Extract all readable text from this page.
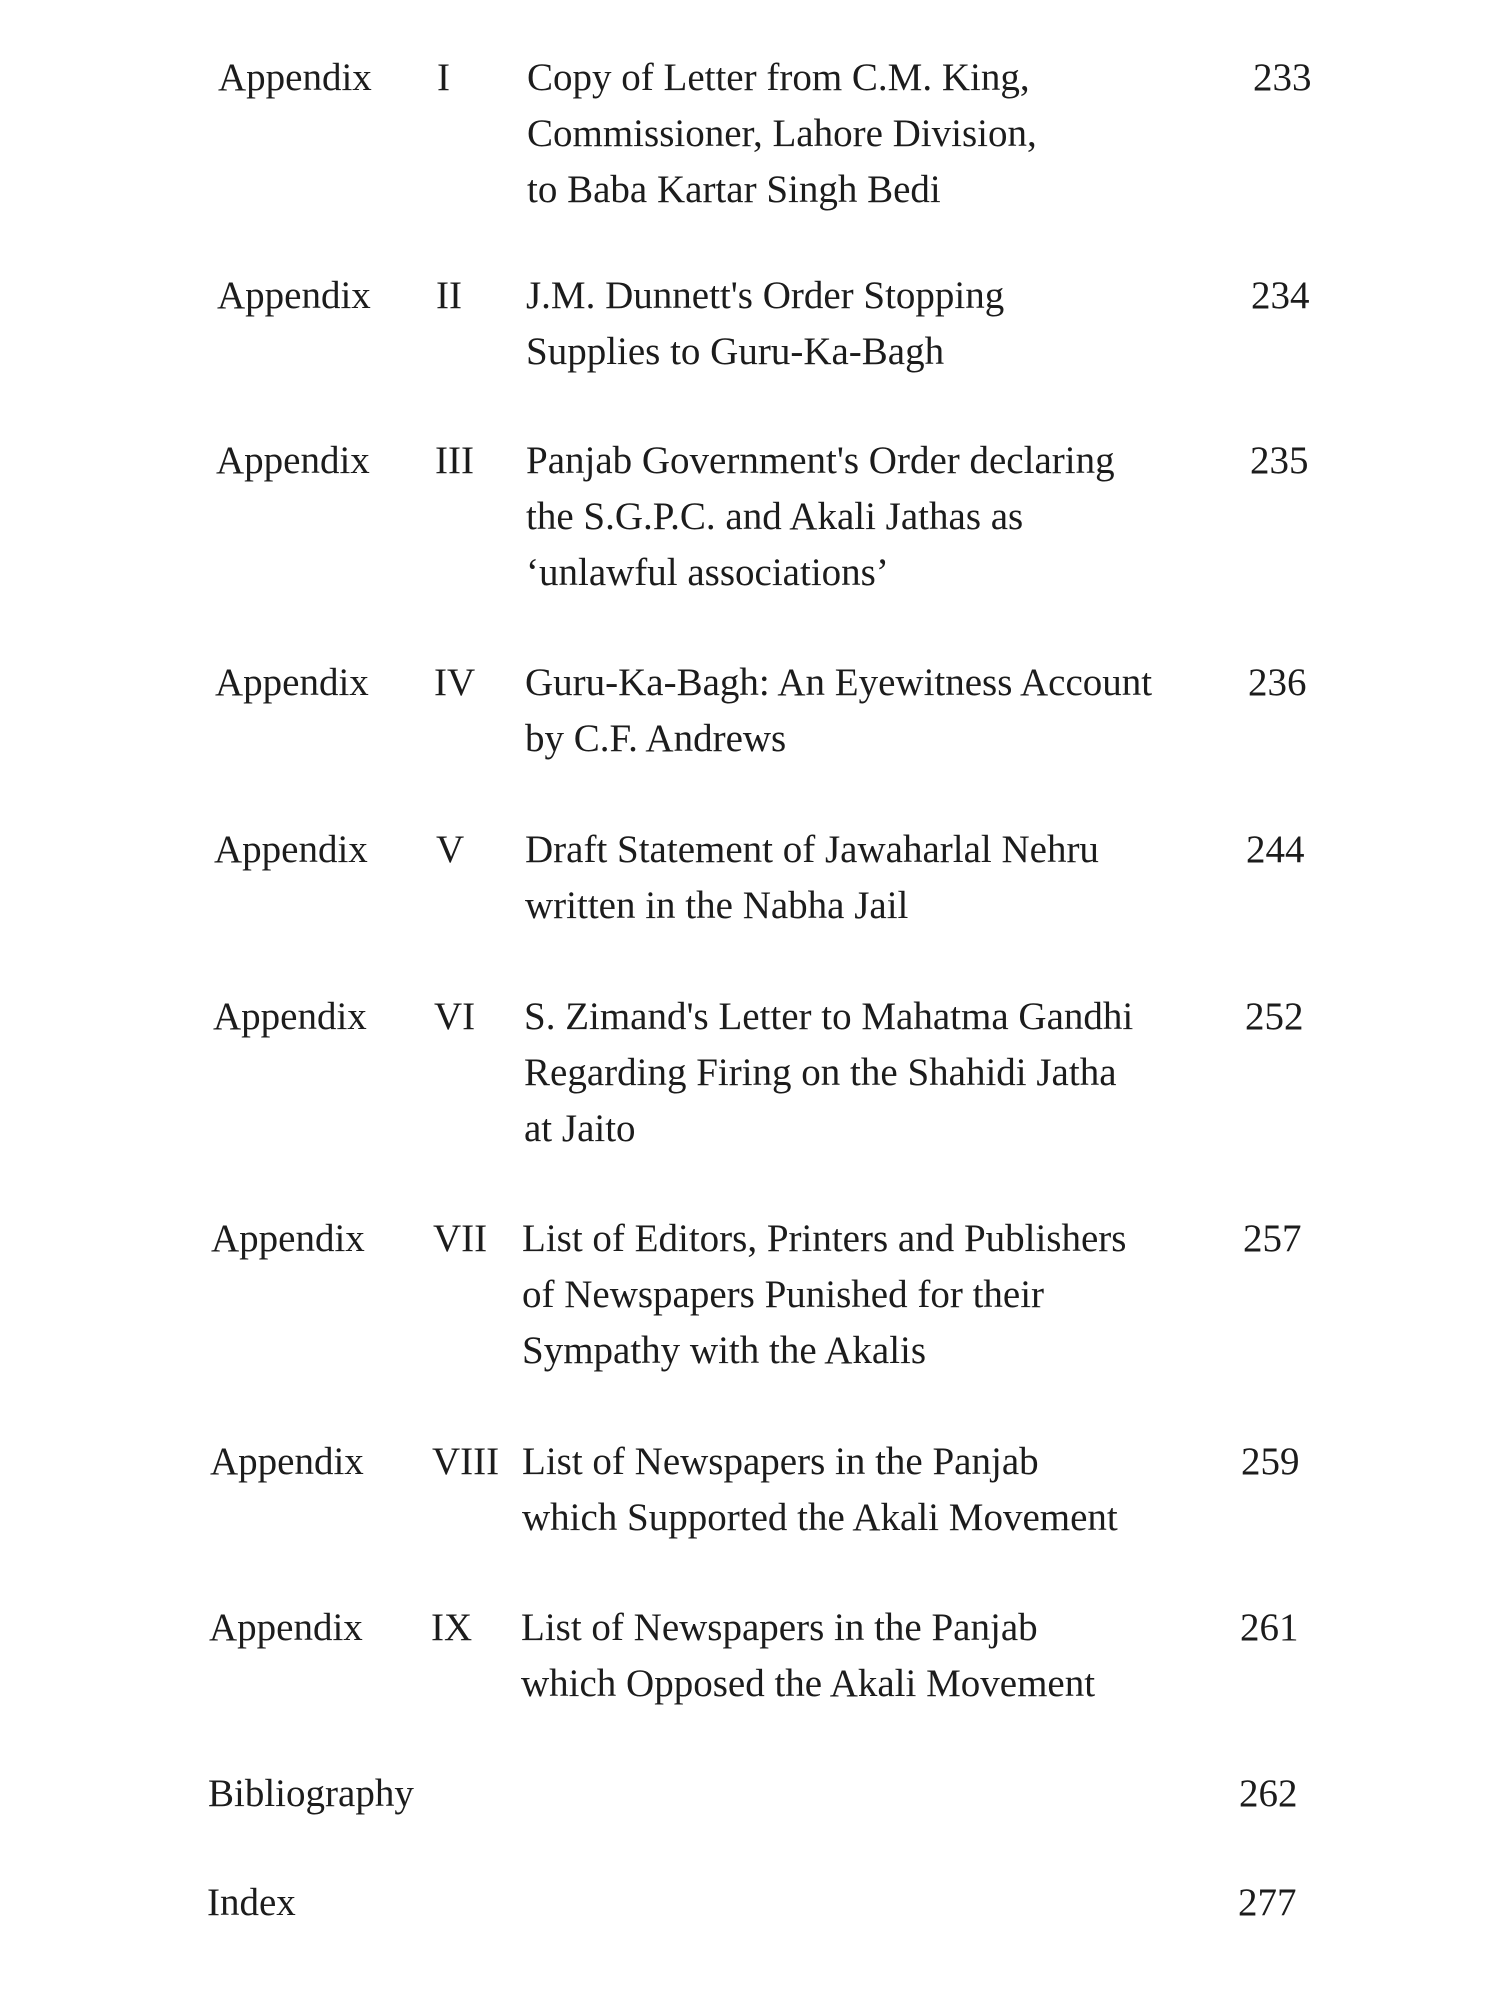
Appendix I Copy of Letter from C.M. King,
Commissioner, Lahore Division,
to Baba Kartar Singh Bedi
233
Appendix II J.M. Dunnett's Order Stopping
Supplies to Guru-Ka-Bagh
234
Appendix III Panjab Government's Order declaring
the S.G.P.C. and Akali Jathas as
‘unlawful associations’
235
Appendix IV Guru-Ka-Bagh: An Eyewitness Account
by C.F. Andrews
236
Appendix V Draft Statement of Jawaharlal Nehru
written in the Nabha Jail
244
Appendix VI S. Zimand's Letter to Mahatma Gandhi
Regarding Firing on the Shahidi Jatha
at Jaito
252
Appendix VII List of Editors, Printers and Publishers
of Newspapers Punished for their
Sympathy with the Akalis
257
Appendix VIII List of Newspapers in the Panjab
which Supported the Akali Movement
259
Appendix IX List of Newspapers in the Panjab
which Opposed the Akali Movement
261
Bibliography	262
Index	277
